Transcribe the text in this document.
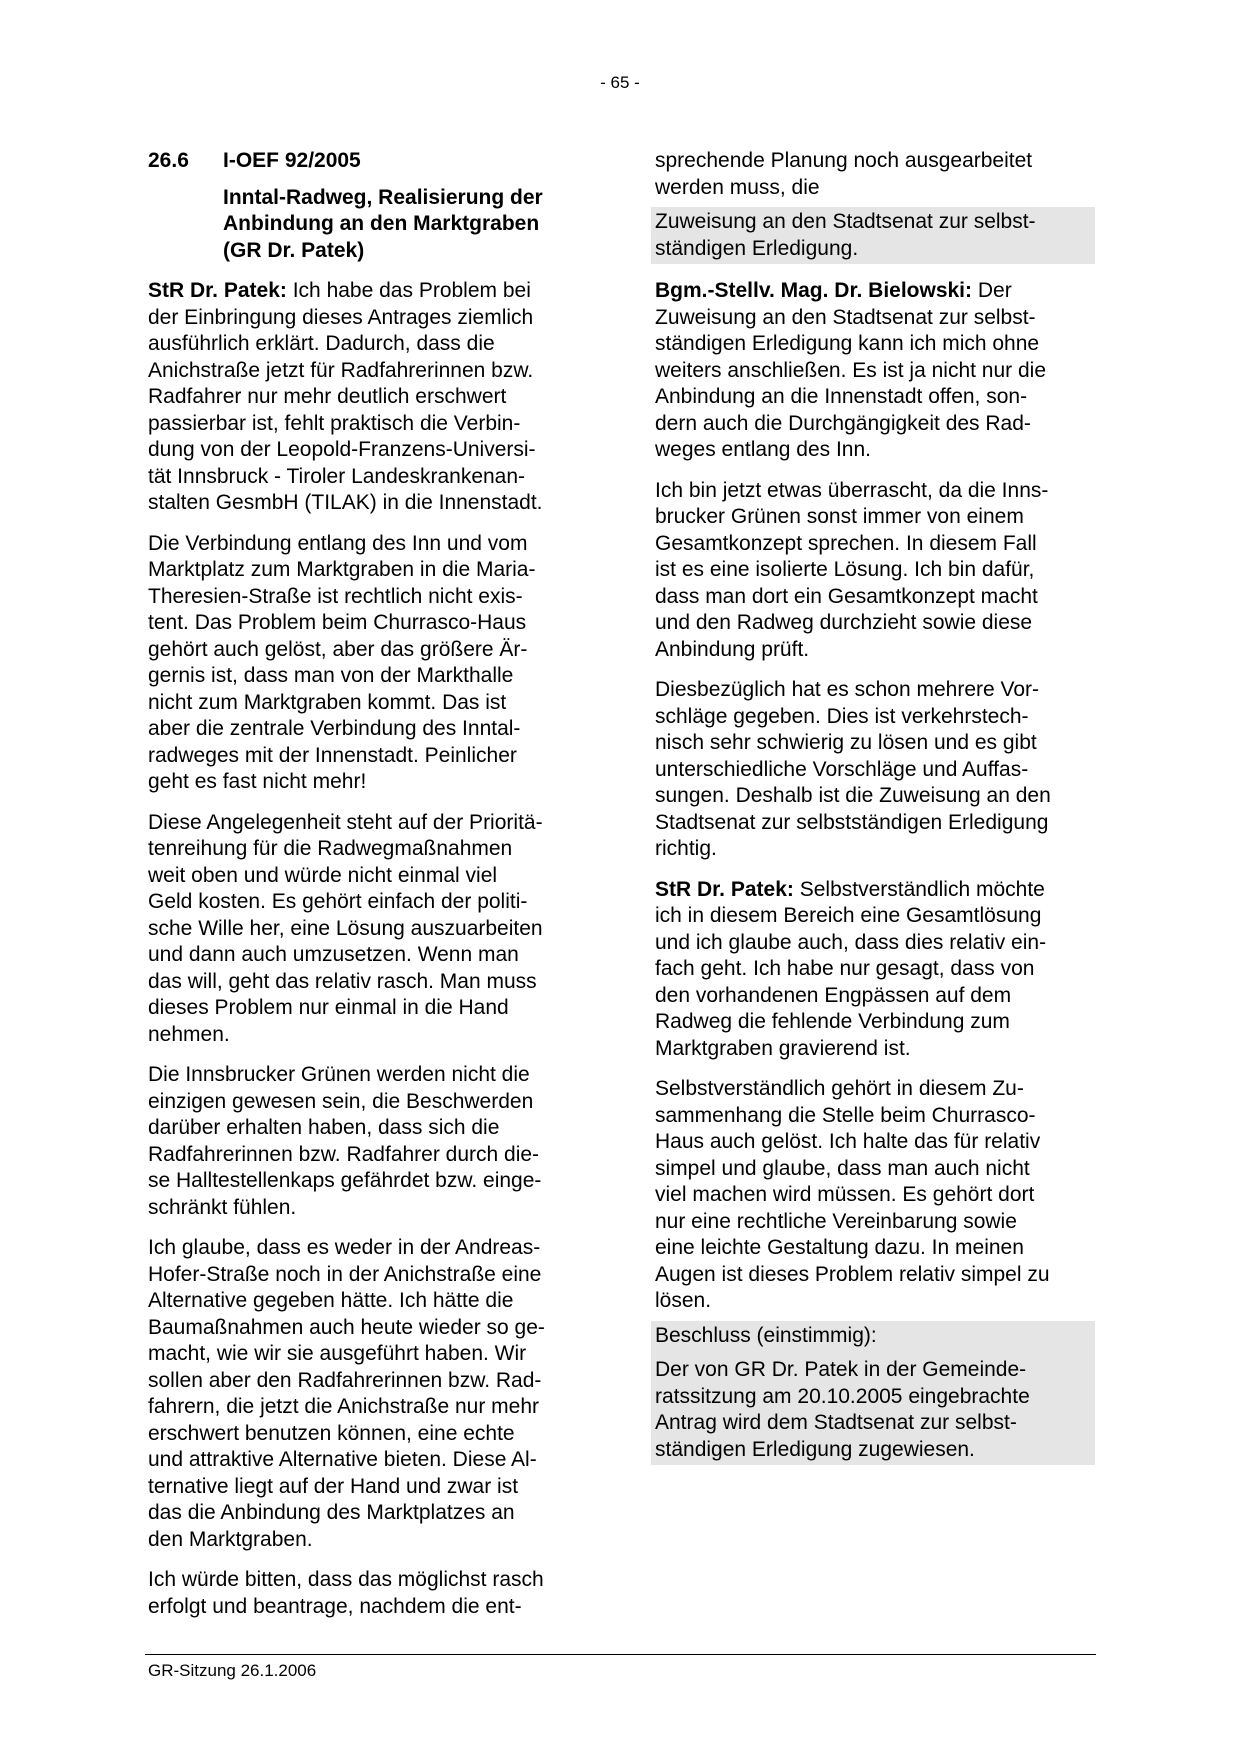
- 65 -
26.6	I-OEF 92/2005
Inntal-Radweg, Realisierung der
Anbindung an den Marktgraben
(GR Dr. Patek)
StR Dr. Patek: Ich habe das Problem bei
der Einbringung dieses Antrages ziemlich
ausführlich erklärt. Dadurch, dass die
Anichstraße jetzt für Radfahrerinnen bzw.
Radfahrer nur mehr deutlich erschwert
passierbar ist, fehlt praktisch die Verbin-
dung von der Leopold-Franzens-Universi-
tät Innsbruck - Tiroler Landeskrankenan-
stalten GesmbH (TILAK) in die Innenstadt.
Die Verbindung entlang des Inn und vom
Marktplatz zum Marktgraben in die Maria-
Theresien-Straße ist rechtlich nicht exis-
tent. Das Problem beim Churrasco-Haus
gehört auch gelöst, aber das größere Är-
gernis ist, dass man von der Markthalle
nicht zum Marktgraben kommt. Das ist
aber die zentrale Verbindung des Inntal-
radweges mit der Innenstadt. Peinlicher
geht es fast nicht mehr!
Diese Angelegenheit steht auf der Prioritä-
tenreihung für die Radwegmaßnahmen
weit oben und würde nicht einmal viel
Geld kosten. Es gehört einfach der politi-
sche Wille her, eine Lösung auszuarbeiten
und dann auch umzusetzen. Wenn man
das will, geht das relativ rasch. Man muss
dieses Problem nur einmal in die Hand
nehmen.
Die Innsbrucker Grünen werden nicht die
einzigen gewesen sein, die Beschwerden
darüber erhalten haben, dass sich die
Radfahrerinnen bzw. Radfahrer durch die-
se Halltestellenkaps gefährdet bzw. einge-
schränkt fühlen.
Ich glaube, dass es weder in der Andreas-
Hofer-Straße noch in der Anichstraße eine
Alternative gegeben hätte. Ich hätte die
Baumaßnahmen auch heute wieder so ge-
macht, wie wir sie ausgeführt haben. Wir
sollen aber den Radfahrerinnen bzw. Rad-
fahrern, die jetzt die Anichstraße nur mehr
erschwert benutzen können, eine echte
und attraktive Alternative bieten. Diese Al-
ternative liegt auf der Hand und zwar ist
das die Anbindung des Marktplatzes an
den Marktgraben.
Ich würde bitten, dass das möglichst rasch
erfolgt und beantrage, nachdem die ent-
sprechende Planung noch ausgearbeitet
werden muss, die
Zuweisung an den Stadtsenat zur selbst-
ständigen Erledigung.
Bgm.-Stellv. Mag. Dr. Bielowski: Der
Zuweisung an den Stadtsenat zur selbst-
ständigen Erledigung kann ich mich ohne
weiters anschließen. Es ist ja nicht nur die
Anbindung an die Innenstadt offen, son-
dern auch die Durchgängigkeit des Rad-
weges entlang des Inn.
Ich bin jetzt etwas überrascht, da die Inns-
brucker Grünen sonst immer von einem
Gesamtkonzept sprechen. In diesem Fall
ist es eine isolierte Lösung. Ich bin dafür,
dass man dort ein Gesamtkonzept macht
und den Radweg durchzieht sowie diese
Anbindung prüft.
Diesbezüglich hat es schon mehrere Vor-
schläge gegeben. Dies ist verkehrstech-
nisch sehr schwierig zu lösen und es gibt
unterschiedliche Vorschläge und Auffas-
sungen. Deshalb ist die Zuweisung an den
Stadtsenat zur selbstständigen Erledigung
richtig.
StR Dr. Patek: Selbstverständlich möchte
ich in diesem Bereich eine Gesamtlösung
und ich glaube auch, dass dies relativ ein-
fach geht. Ich habe nur gesagt, dass von
den vorhandenen Engpässen auf dem
Radweg die fehlende Verbindung zum
Marktgraben gravierend ist.
Selbstverständlich gehört in diesem Zu-
sammenhang die Stelle beim Churrasco-
Haus auch gelöst. Ich halte das für relativ
simpel und glaube, dass man auch nicht
viel machen wird müssen. Es gehört dort
nur eine rechtliche Vereinbarung sowie
eine leichte Gestaltung dazu. In meinen
Augen ist dieses Problem relativ simpel zu
lösen.
Beschluss (einstimmig):
Der von GR Dr. Patek in der Gemeinde-
ratssitzung am 20.10.2005 eingebrachte
Antrag wird dem Stadtsenat zur selbst-
ständigen Erledigung zugewiesen.
GR-Sitzung 26.1.2006
